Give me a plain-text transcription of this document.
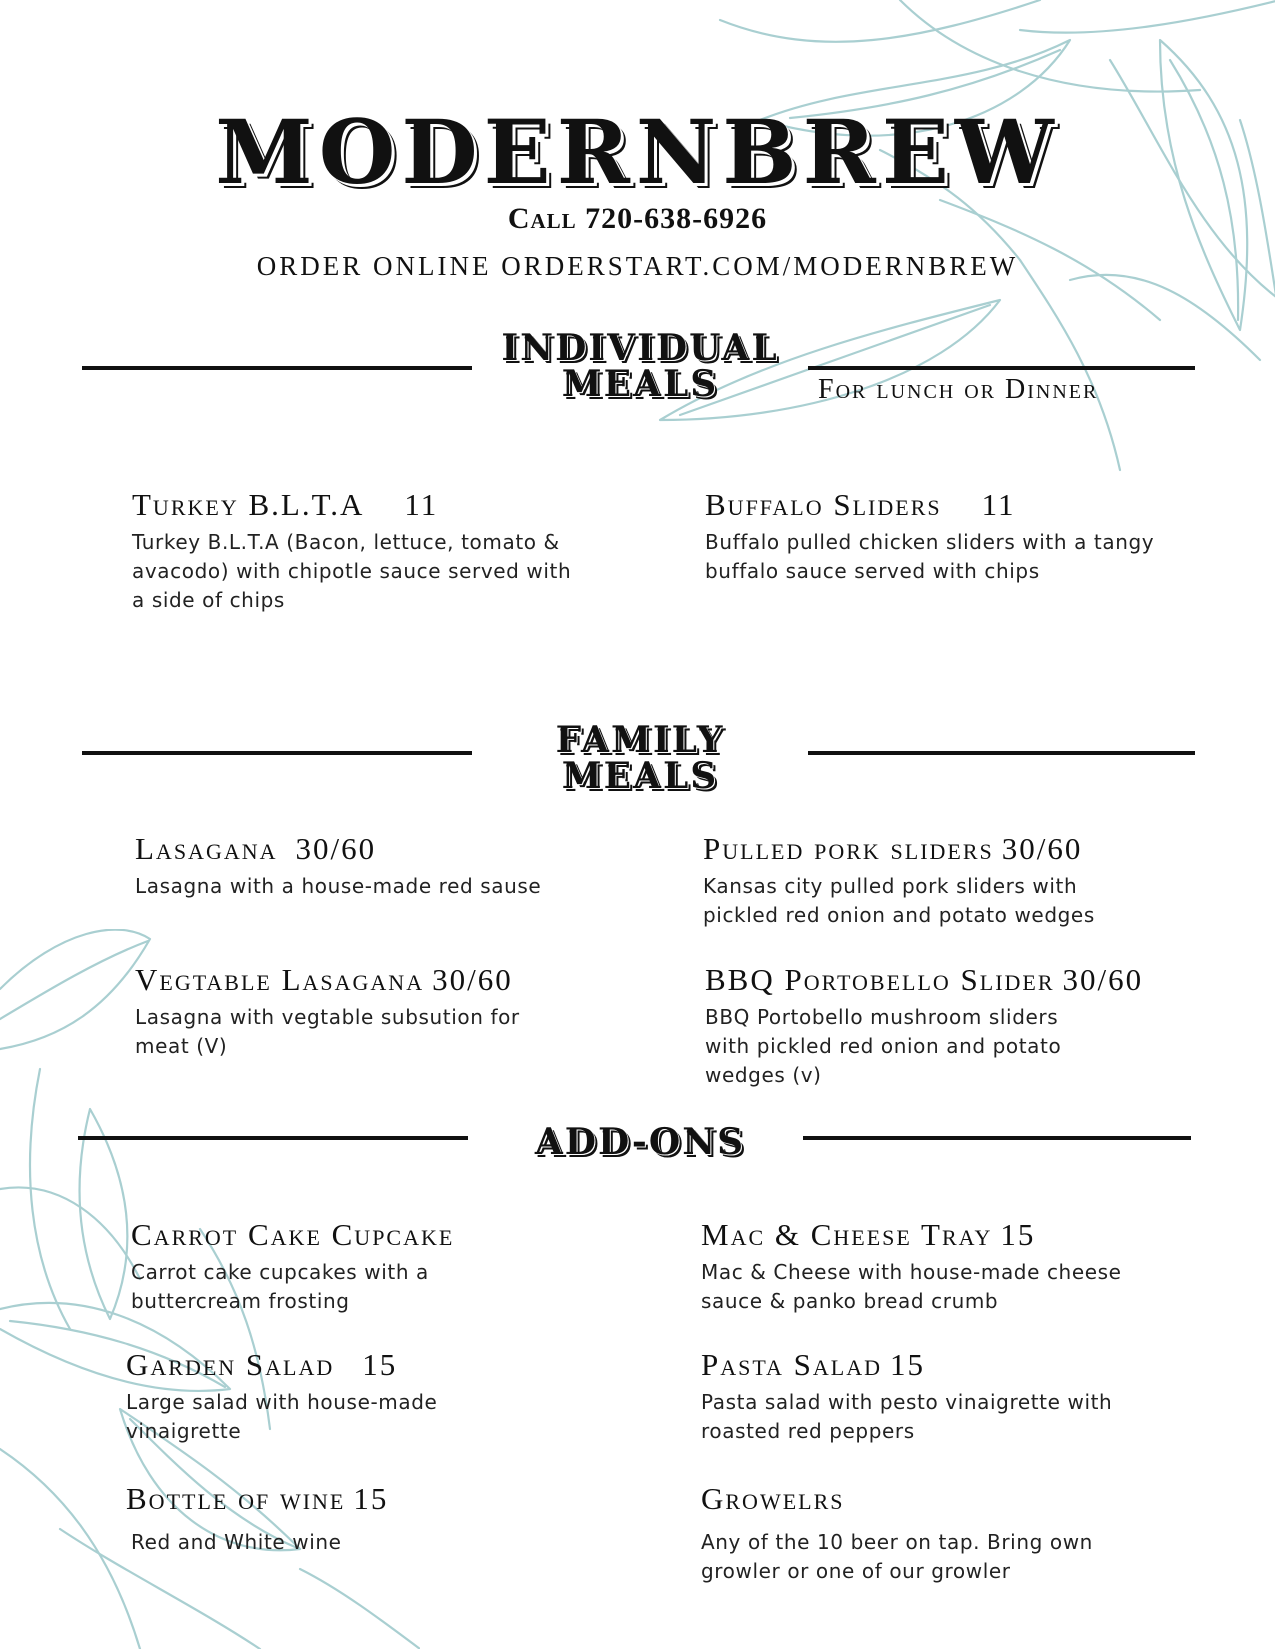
MODERNBREW
Call 720-638-6926
ORDER ONLINE ORDERSTART.COM/MODERNBREW
INDIVIDUAL
MEALS	For lunch or Dinner
Turkey B.L.T.A 11
Turkey B.L.T.A (Bacon, lettuce, tomato & avacodo) with chipotle sauce served with a side of chips
Buffalo Sliders 11
Buffalo pulled chicken sliders with a tangy buffalo sauce served with chips
FAMILY
MEALS
Lasagana 30/60
Lasagna with a house-made red sause
Pulled pork sliders 30/60
Kansas city pulled pork sliders with pickled red onion and potato wedges
Vegtable Lasagana 30/60
Lasagna with vegtable subsution for meat (V)
BBQ Portobello Slider 30/60
BBQ Portobello mushroom sliders with pickled red onion and potato wedges (v)
ADD-ONS
Carrot Cake Cupcake
Carrot cake cupcakes with a buttercream frosting
Mac & Cheese Tray 15
Mac & Cheese with house-made cheese sauce & panko bread crumb
Garden Salad 15
Large salad with house-made vinaigrette
Pasta Salad 15
Pasta salad with pesto vinaigrette with roasted red peppers
Bottle of wine 15
Red and White wine
Growelrs
Any of the 10 beer on tap. Bring own growler or one of our growler
